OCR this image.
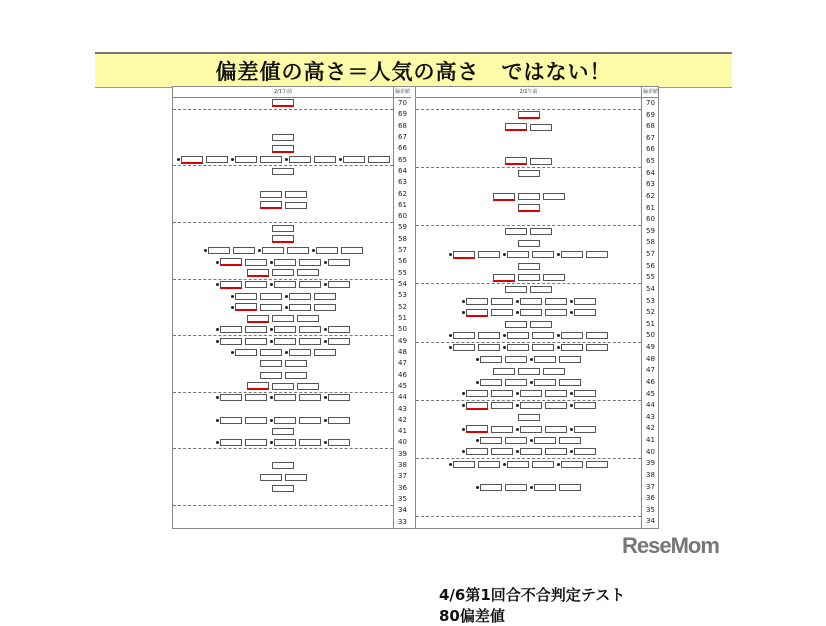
偏差値の高さ＝人気の高さ　ではない！
2/1午前	偏差値
70
69
68
67
66
65
64
63
62
61
60
59
58
57
56
55
54
53
52
51
50
49
48
47
46
45
44
43
42
41
40
39
38
37
36
35
34
33
2/1午前	偏差値
70
69
68
67
66
65
64
63
62
61
60
59
58
57
56
55
54
53
52
51
50
49
48
47
46
45
44
43
42
41
40
39
38
37
36
35
34
4/6第1回合不合判定テスト　80偏差値
ReseMom
